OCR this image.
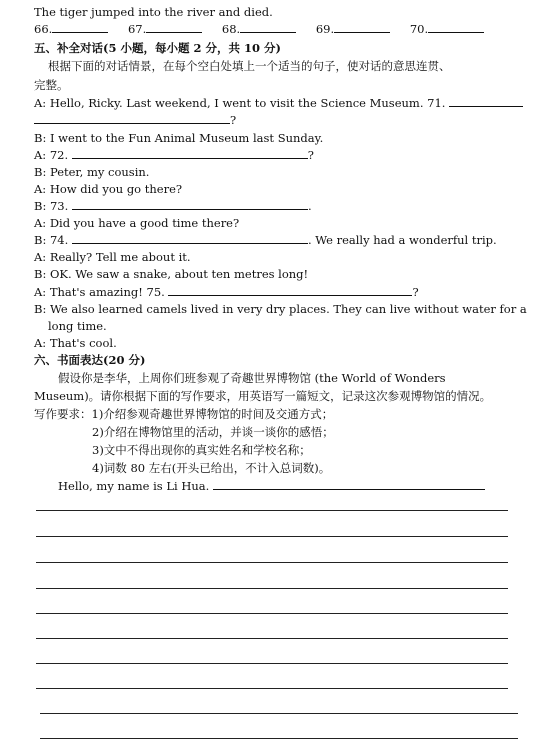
The tiger jumped into the river and died.
66.	67.	68.	69.	70.
五、补全对话(5 小题，每小题 2 分，共 10 分)
根据下面的对话情景，在每个空白处填上一个适当的句子，使对话的意思连贯、
完整。
A: Hello, Ricky. Last weekend, I went to visit the Science Museum. 71.
?
B: I went to the Fun Animal Museum last Sunday.
A: 72.	?
B: Peter, my cousin.
A: How did you go there?
B: 73.	.
A: Did you have a good time there?
B: 74.	. We really had a wonderful trip.
A: Really? Tell me about it.
B: OK. We saw a snake, about ten metres long!
A: That's amazing! 75.	?
B: We also learned camels lived in very dry places. They can live without water for a
long time.
A: That's cool.
六、书面表达(20 分)
假设你是李华，上周你们班参观了奇趣世界博物馆 (the World of Wonders
Museum)。请你根据下面的写作要求，用英语写一篇短文，记录这次参观博物馆的情况。
写作要求：1)介绍参观奇趣世界博物馆的时间及交通方式；
2)介绍在博物馆里的活动，并谈一谈你的感悟；
3)文中不得出现你的真实姓名和学校名称；
4)词数 80 左右(开头已给出，不计入总词数)。
Hello, my name is Li Hua.
